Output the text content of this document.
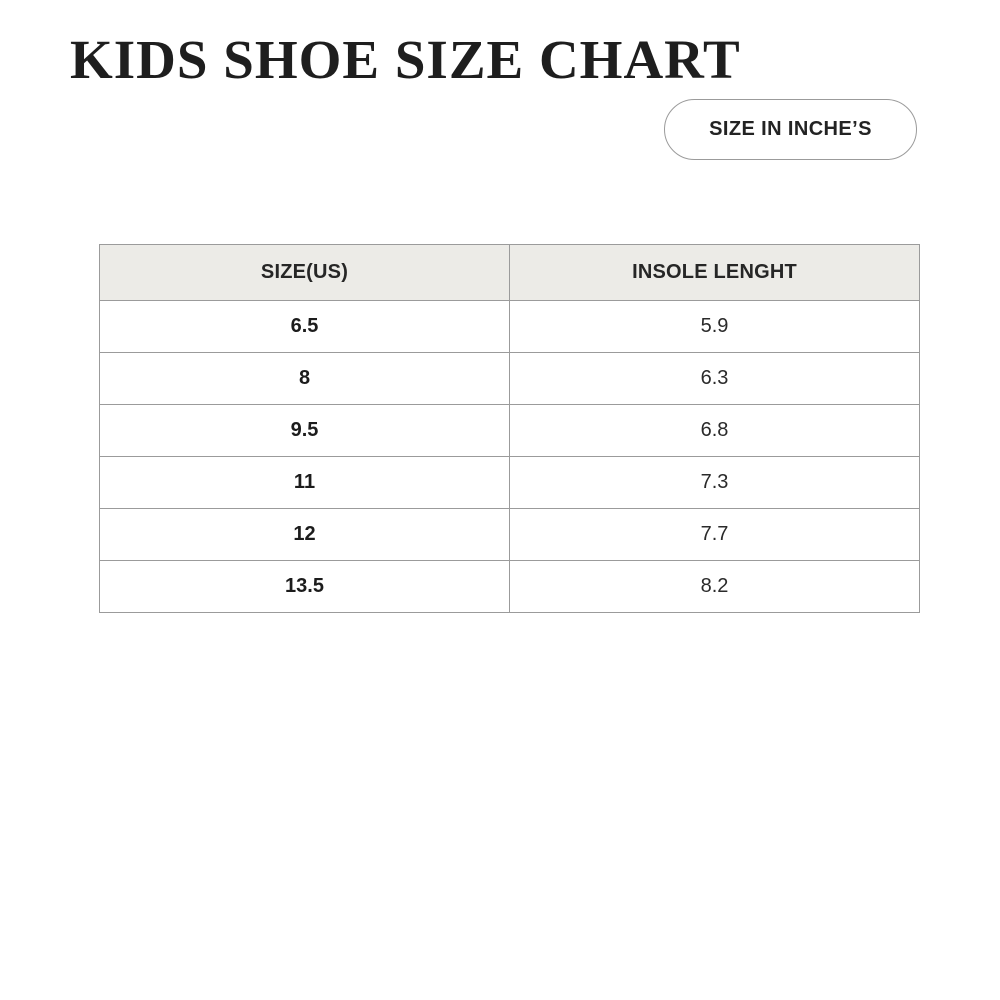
KIDS SHOE SIZE CHART
SIZE IN INCHE’S
SIZE(US)	INSOLE LENGHT
6.5	5.9
8	6.3
9.5	6.8
11	7.3
12	7.7
13.5	8.2
